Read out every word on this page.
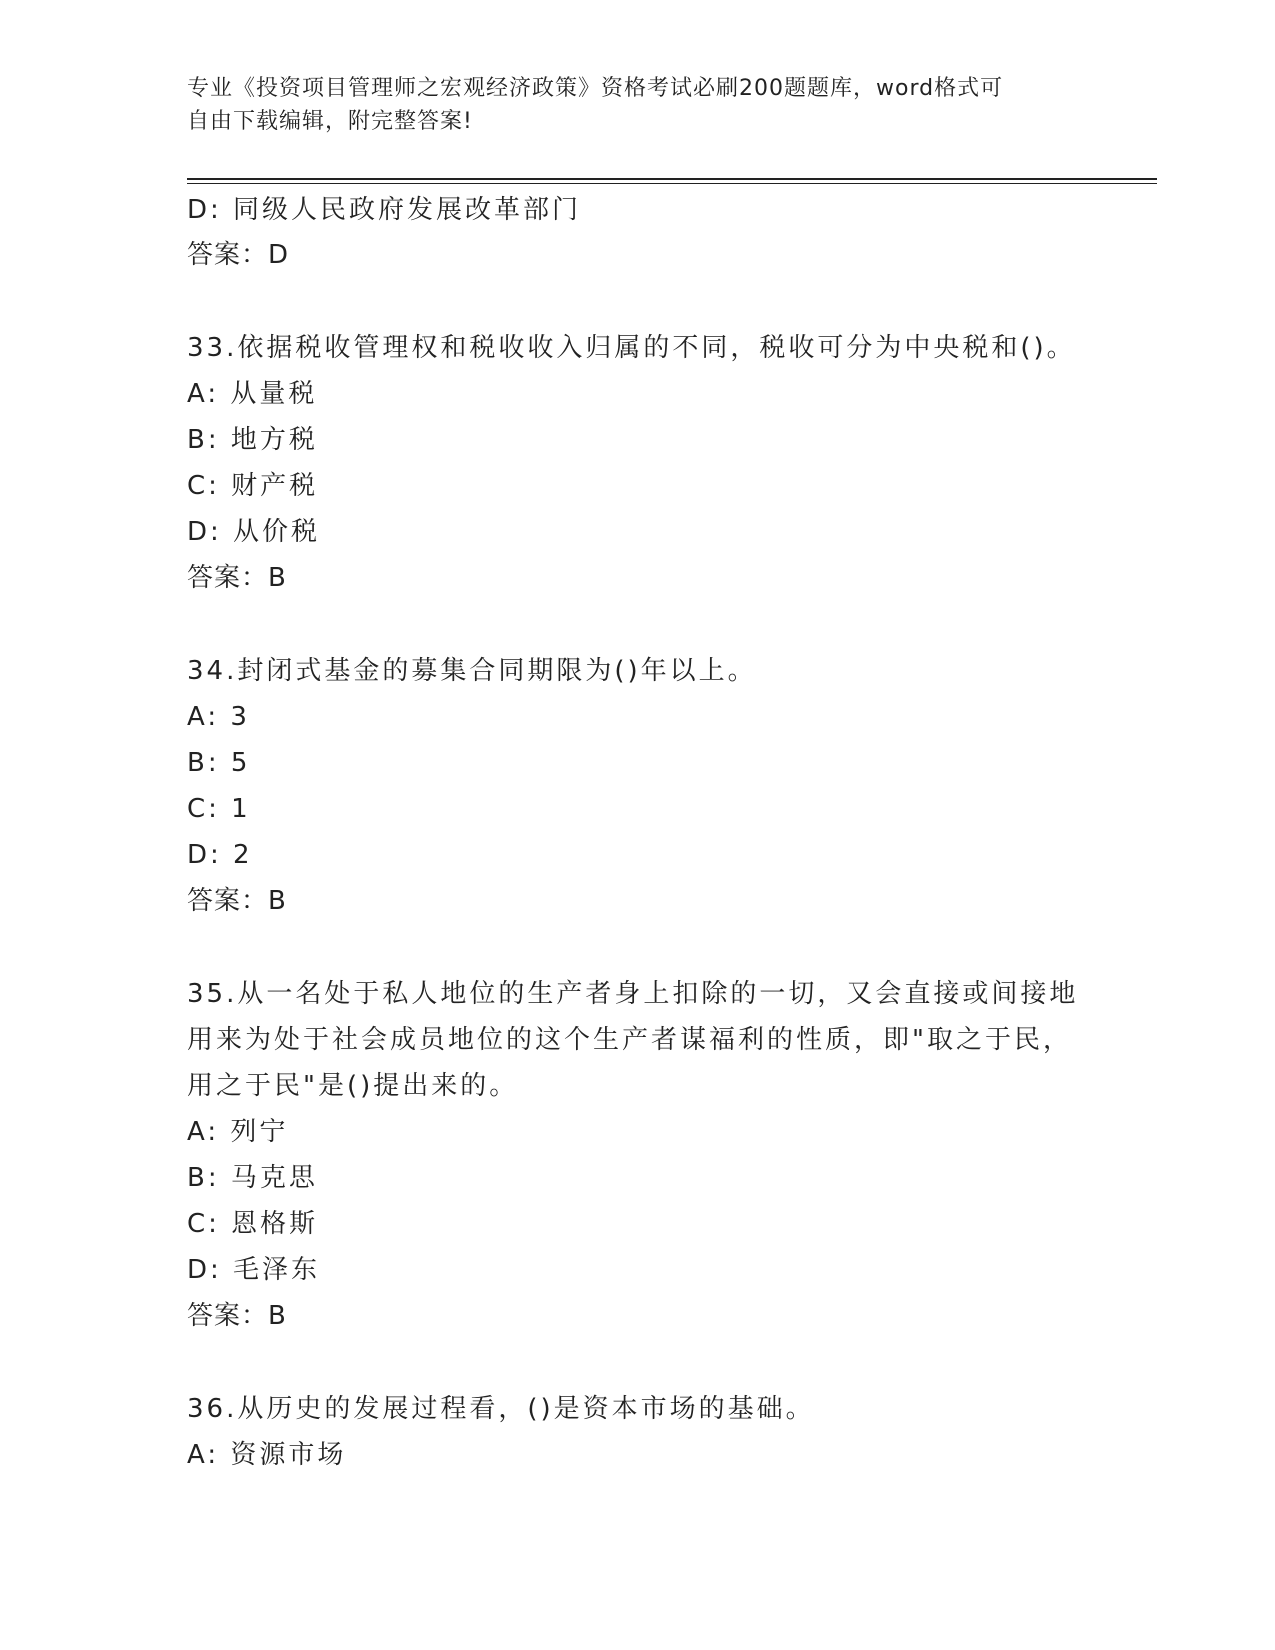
专业《投资项目管理师之宏观经济政策》资格考试必刷200题题库，word格式可
自由下载编辑，附完整答案!
D: 同级人民政府发展改革部门
答案：D
33.依据税收管理权和税收收入归属的不同，税收可分为中央税和()。
A: 从量税
B: 地方税
C: 财产税
D: 从价税
答案：B
34.封闭式基金的募集合同期限为()年以上。
A: 3
B: 5
C: 1
D: 2
答案：B
35.从一名处于私人地位的生产者身上扣除的一切，又会直接或间接地
用来为处于社会成员地位的这个生产者谋福利的性质，即"取之于民，
用之于民"是()提出来的。
A: 列宁
B: 马克思
C: 恩格斯
D: 毛泽东
答案：B
36.从历史的发展过程看，()是资本市场的基础。
A: 资源市场
